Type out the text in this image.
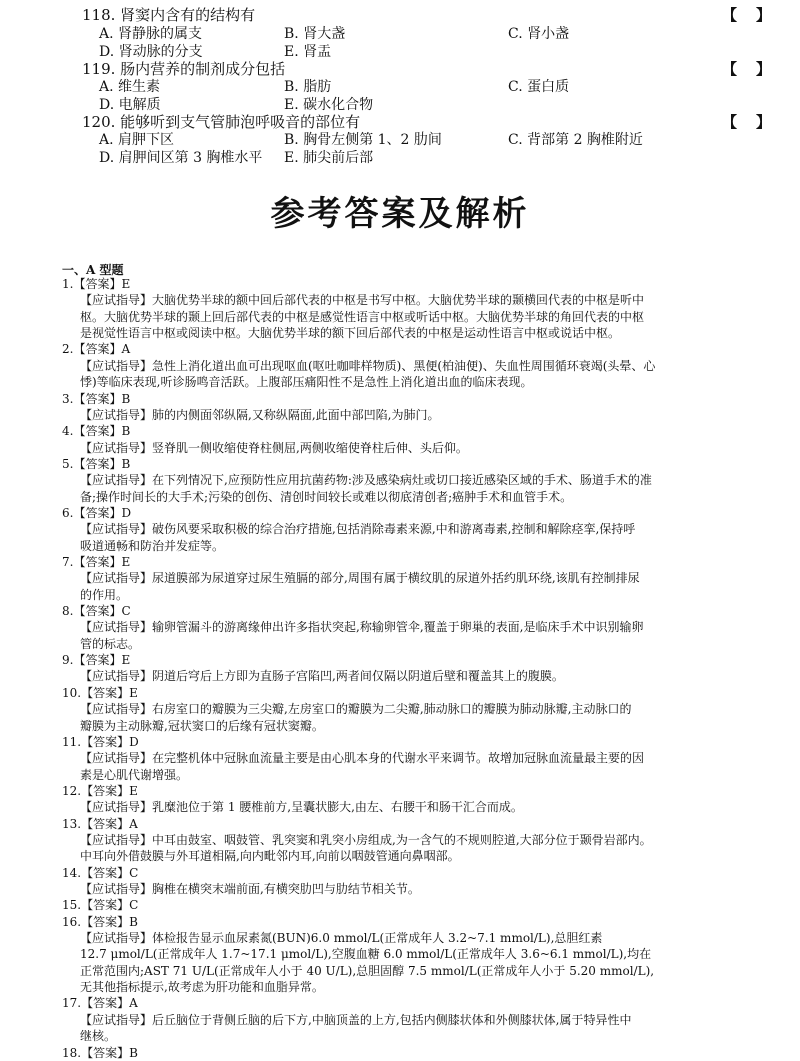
118. 肾窦内含有的结构有	【　】
A. 肾静脉的属支	B. 肾大盏	C. 肾小盏
D. 肾动脉的分支	E. 肾盂
119. 肠内营养的制剂成分包括	【　】
A. 维生素	B. 脂肪	C. 蛋白质
D. 电解质	E. 碳水化合物
120. 能够听到支气管肺泡呼吸音的部位有	【　】
A. 肩胛下区	B. 胸骨左侧第 1、2 肋间	C. 背部第 2 胸椎附近
D. 肩胛间区第 3 胸椎水平 E. 肺尖前后部
参考答案及解析
一、A 型题
1.【答案】E
【应试指导】大脑优势半球的额中回后部代表的中枢是书写中枢。大脑优势半球的颞横回代表的中枢是听中
枢。大脑优势半球的颞上回后部代表的中枢是感觉性语言中枢或听话中枢。大脑优势半球的角回代表的中枢
是视觉性语言中枢或阅读中枢。大脑优势半球的额下回后部代表的中枢是运动性语言中枢或说话中枢。
2.【答案】A
【应试指导】急性上消化道出血可出现呕血(呕吐咖啡样物质)、黑便(柏油便)、失血性周围循环衰竭(头晕、心
悸)等临床表现,听诊肠鸣音活跃。上腹部压痛阳性不是急性上消化道出血的临床表现。
3.【答案】B
【应试指导】肺的内侧面邻纵隔,又称纵隔面,此面中部凹陷,为肺门。
4.【答案】B
【应试指导】竖脊肌一侧收缩使脊柱侧屈,两侧收缩使脊柱后伸、头后仰。
5.【答案】B
【应试指导】在下列情况下,应预防性应用抗菌药物:涉及感染病灶或切口接近感染区域的手术、肠道手术的准
备;操作时间长的大手术;污染的创伤、清创时间较长或难以彻底清创者;癌肿手术和血管手术。
6.【答案】D
【应试指导】破伤风要采取积极的综合治疗措施,包括消除毒素来源,中和游离毒素,控制和解除痉挛,保持呼
吸道通畅和防治并发症等。
7.【答案】E
【应试指导】尿道膜部为尿道穿过尿生殖膈的部分,周围有属于横纹肌的尿道外括约肌环绕,该肌有控制排尿
的作用。
8.【答案】C
【应试指导】输卵管漏斗的游离缘伸出许多指状突起,称输卵管伞,覆盖于卵巢的表面,是临床手术中识别输卵
管的标志。
9.【答案】E
【应试指导】阴道后穹后上方即为直肠子宫陷凹,两者间仅隔以阴道后壁和覆盖其上的腹膜。
10.【答案】E
【应试指导】右房室口的瓣膜为三尖瓣,左房室口的瓣膜为二尖瓣,肺动脉口的瓣膜为肺动脉瓣,主动脉口的
瓣膜为主动脉瓣,冠状窦口的后缘有冠状窦瓣。
11.【答案】D
【应试指导】在完整机体中冠脉血流量主要是由心肌本身的代谢水平来调节。故增加冠脉血流量最主要的因
素是心肌代谢增强。
12.【答案】E
【应试指导】乳糜池位于第 1 腰椎前方,呈囊状膨大,由左、右腰干和肠干汇合而成。
13.【答案】A
【应试指导】中耳由鼓室、咽鼓管、乳突窦和乳突小房组成,为一含气的不规则腔道,大部分位于颞骨岩部内。
中耳向外借鼓膜与外耳道相隔,向内毗邻内耳,向前以咽鼓管通向鼻咽部。
14.【答案】C
【应试指导】胸椎在横突末端前面,有横突肋凹与肋结节相关节。
15.【答案】C
16.【答案】B
【应试指导】体检报告显示血尿素氮(BUN)6.0 mmol/L(正常成年人 3.2~7.1 mmol/L),总胆红素
12.7 μmol/L(正常成年人 1.7~17.1 μmol/L),空腹血糖 6.0 mmol/L(正常成年人 3.6~6.1 mmol/L),均在
正常范围内;AST 71 U/L(正常成年人小于 40 U/L),总胆固醇 7.5 mmol/L(正常成年人小于 5.20 mmol/L),
无其他指标提示,故考虑为肝功能和血脂异常。
17.【答案】A
【应试指导】后丘脑位于背侧丘脑的后下方,中脑顶盖的上方,包括内侧膝状体和外侧膝状体,属于特异性中
继核。
18.【答案】B
